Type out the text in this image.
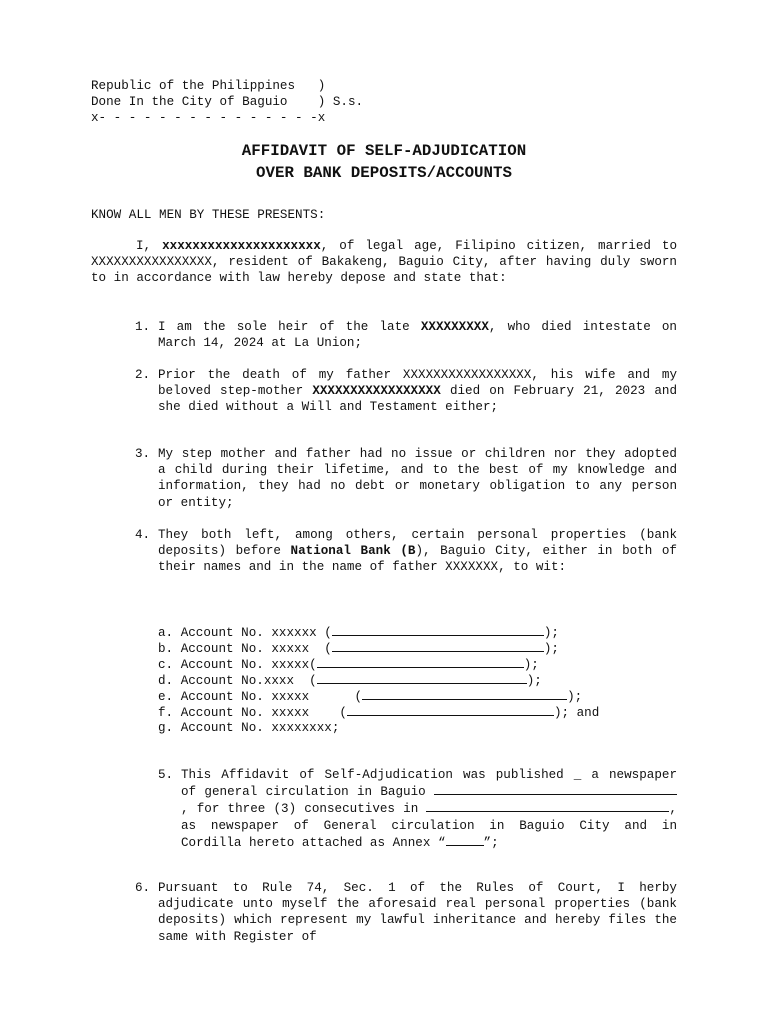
Republic of the Philippines   )
Done In the City of Baguio    ) S.s.
x- - - - - - - - - - - - - - -x
AFFIDAVIT OF SELF-ADJUDICATION
OVER BANK DEPOSITS/ACCOUNTS
KNOW ALL MEN BY THESE PRESENTS:
I, xxxxxxxxxxxxxxxxxxxxx, of legal age, Filipino citizen, married to XXXXXXXXXXXXXXXX, resident of Bakakeng, Baguio City, after having duly sworn to in accordance with law hereby depose and state that:
1. I am the sole heir of the late XXXXXXXXX, who died intestate on March 14, 2024 at La Union;
2. Prior the death of my father XXXXXXXXXXXXXXXXX, his wife and my beloved step-mother XXXXXXXXXXXXXXXXX died on February 21, 2023 and she died without a Will and Testament either;
3. My step mother and father had no issue or children nor they adopted a child during their lifetime, and to the best of my knowledge and information, they had no debt or monetary obligation to any person or entity;
4. They both left, among others, certain personal properties (bank deposits) before National Bank (B), Baguio City, either in both of their names and in the name of father XXXXXXX, to wit:
a. Account No. xxxxxx (	);
b. Account No. xxxxx  (	);
c. Account No. xxxxx(	);
d. Account No.xxxx  (	);
e. Account No. xxxxx      (	);
f. Account No. xxxxx    (	); and
g. Account No. xxxxxxxx;
5. This Affidavit of Self-Adjudication was published _ a newspaper of general circulation in Baguio , for three (3) consecutives in	, as newspaper of General circulation in Baguio City and in Cordilla hereto attached as Annex “	”;
6. Pursuant to Rule 74, Sec. 1 of the Rules of Court, I herby adjudicate unto myself the aforesaid real personal properties (bank deposits) which represent my lawful inheritance and hereby files the same with Register of
